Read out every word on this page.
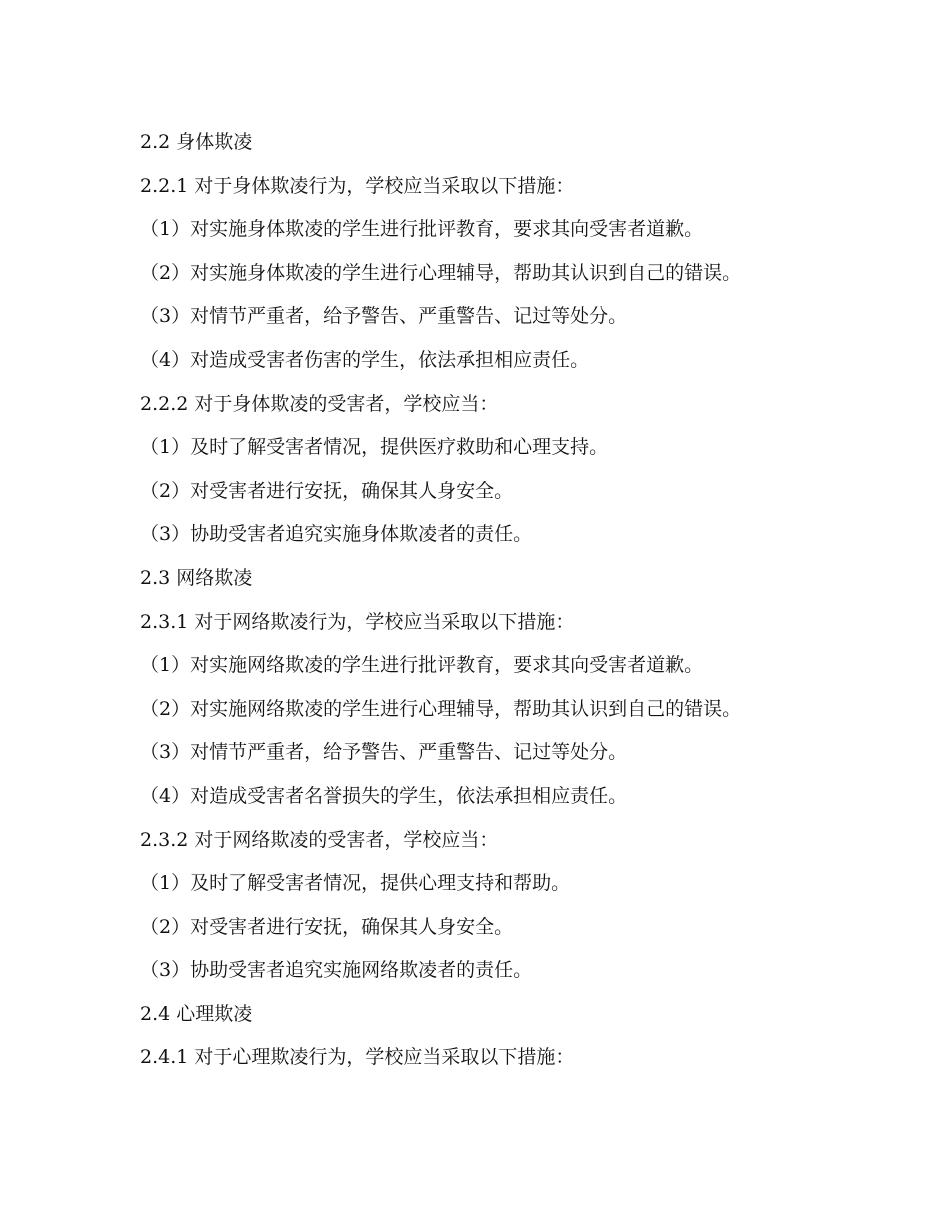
2.2 身体欺凌

2.2.1 对于身体欺凌行为，学校应当采取以下措施：

（1）对实施身体欺凌的学生进行批评教育，要求其向受害者道歉。

（2）对实施身体欺凌的学生进行心理辅导，帮助其认识到自己的错误。

（3）对情节严重者，给予警告、严重警告、记过等处分。

（4）对造成受害者伤害的学生，依法承担相应责任。

2.2.2 对于身体欺凌的受害者，学校应当：

（1）及时了解受害者情况，提供医疗救助和心理支持。

（2）对受害者进行安抚，确保其人身安全。

（3）协助受害者追究实施身体欺凌者的责任。

2.3 网络欺凌

2.3.1 对于网络欺凌行为，学校应当采取以下措施：

（1）对实施网络欺凌的学生进行批评教育，要求其向受害者道歉。

（2）对实施网络欺凌的学生进行心理辅导，帮助其认识到自己的错误。

（3）对情节严重者，给予警告、严重警告、记过等处分。

（4）对造成受害者名誉损失的学生，依法承担相应责任。

2.3.2 对于网络欺凌的受害者，学校应当：

（1）及时了解受害者情况，提供心理支持和帮助。

（2）对受害者进行安抚，确保其人身安全。

（3）协助受害者追究实施网络欺凌者的责任。

2.4 心理欺凌

2.4.1 对于心理欺凌行为，学校应当采取以下措施：
